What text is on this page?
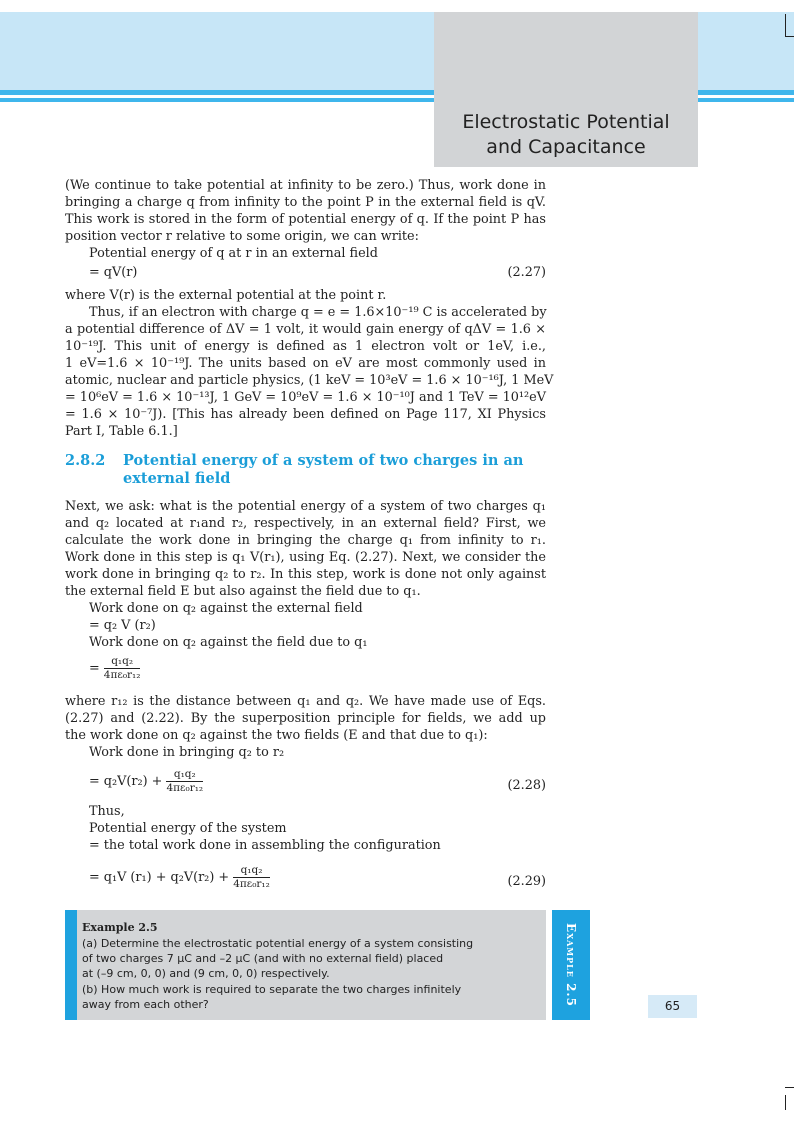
Electrostatic Potential
and Capacitance
(We continue to take potential at infinity to be zero.) Thus, work done in
bringing a charge q from infinity to the point P in the external field is qV.
This work is stored in the form of potential energy of q. If the point P has
position vector r relative to some origin, we can write:
Potential energy of q at r in an external field
= qV(r)	(2.27)
where V(r) is the external potential at the point r.
Thus, if an electron with charge q = e = 1.6×10⁻¹⁹ C is accelerated by
a potential difference of ΔV = 1 volt, it would gain energy of qΔV = 1.6 ×
10⁻¹⁹J. This unit of energy is defined as 1 electron volt or 1eV, i.e.,
1 eV=1.6 × 10⁻¹⁹J. The units based on eV are most commonly used in
atomic, nuclear and particle physics, (1 keV = 10³eV = 1.6 × 10⁻¹⁶J, 1 MeV
= 10⁶eV = 1.6 × 10⁻¹³J, 1 GeV = 10⁹eV = 1.6 × 10⁻¹⁰J and 1 TeV = 10¹²eV
= 1.6 × 10⁻⁷J). [This has already been defined on Page 117, XI Physics
Part I, Table 6.1.]
2.8.2 Potential energy of a system of two charges in an
external field
Next, we ask: what is the potential energy of a system of two charges q₁
and q₂ located at r₁and r₂, respectively, in an external field? First, we
calculate the work done in bringing the charge q₁ from infinity to r₁.
Work done in this step is q₁ V(r₁), using Eq. (2.27). Next, we consider the
work done in bringing q₂ to r₂. In this step, work is done not only against
the external field E but also against the field due to q₁.
Work done on q₂ against the external field
= q₂ V (r₂)
Work done on q₂ against the field due to q₁
= $\frac{\text{q₁q₂}}{\text{4πε₀r₁₂}}$
where r₁₂ is the distance between q₁ and q₂. We have made use of Eqs.
(2.27) and (2.22). By the superposition principle for fields, we add up
the work done on q₂ against the two fields (E and that due to q₁):
Work done in bringing q₂ to r₂
= $q_2V(r_2) + \frac{\text{q₁q₂}}{\text{4πε₀r₁₂}}$	(2.28)
Thus,
Potential energy of the system
= the total work done in assembling the configuration
= q₁V $(r_1) + q_2V(r_2) + \frac{\text{q₁q₂}}{\text{4πε₀r₁₂}}$	(2.29)
Example 2.5
Example 2.5
(a) Determine the electrostatic potential energy of a system consisting
of two charges 7 μC and –2 μC (and with no external field) placed
at (–9 cm, 0, 0) and (9 cm, 0, 0) respectively.
(b) How much work is required to separate the two charges infinitely
away from each other?	65
